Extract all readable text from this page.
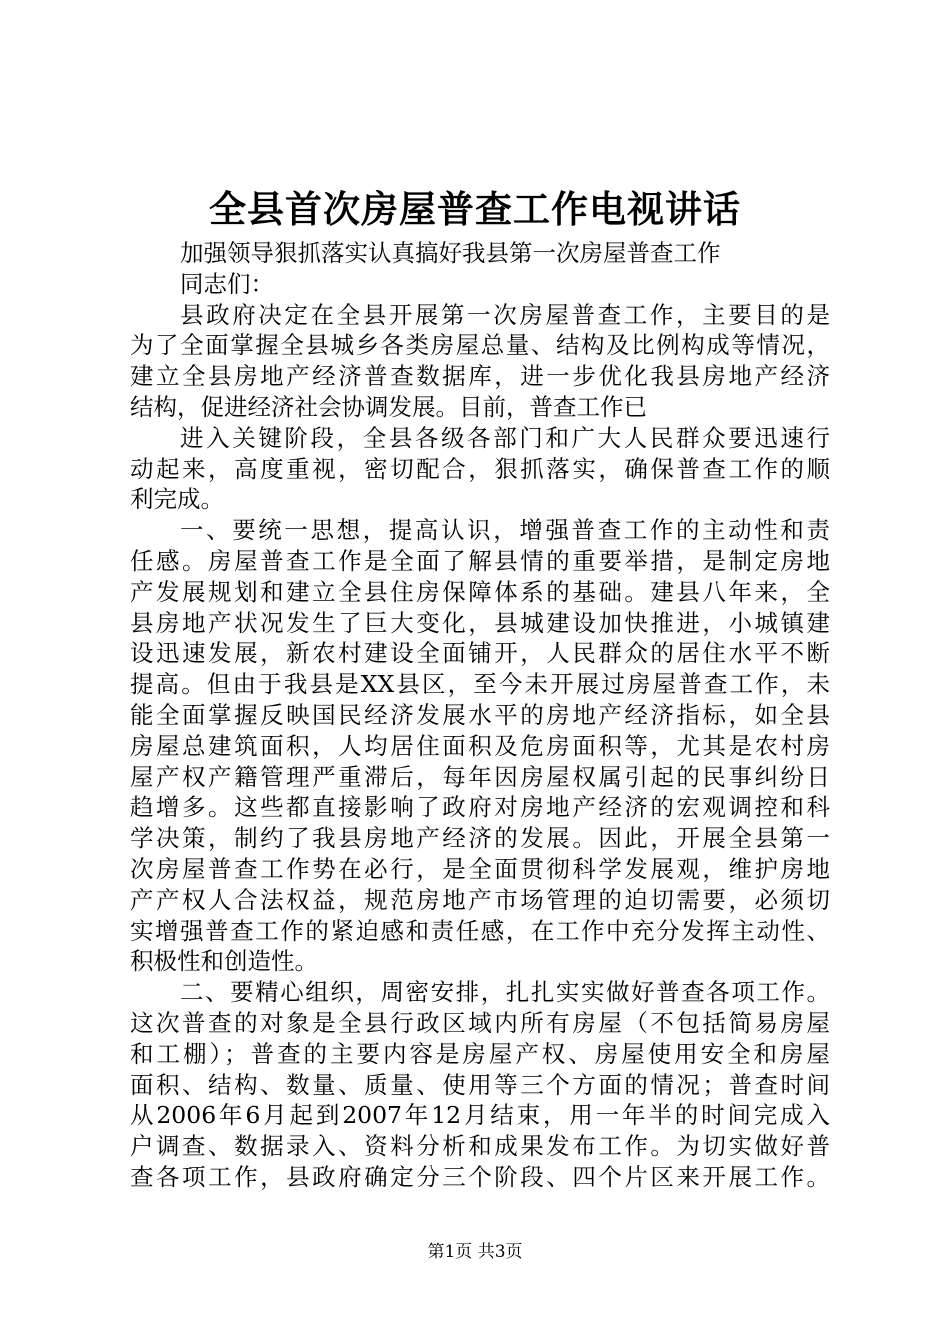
全县首次房屋普查工作电视讲话
加强领导狠抓落实认真搞好我县第一次房屋普查工作
同志们：
县政府决定在全县开展第一次房屋普查工作，主要目的是
为了全面掌握全县城乡各类房屋总量、结构及比例构成等情况，
建立全县房地产经济普查数据库，进一步优化我县房地产经济
结构，促进经济社会协调发展。目前，普查工作已
进入关键阶段，全县各级各部门和广大人民群众要迅速行
动起来，高度重视，密切配合，狠抓落实，确保普查工作的顺
利完成。
一、要统一思想，提高认识，增强普查工作的主动性和责
任感。房屋普查工作是全面了解县情的重要举措，是制定房地
产发展规划和建立全县住房保障体系的基础。建县八年来，全
县房地产状况发生了巨大变化，县城建设加快推进，小城镇建
设迅速发展，新农村建设全面铺开，人民群众的居住水平不断
提高。但由于我县是XX县区，至今未开展过房屋普查工作，未
能全面掌握反映国民经济发展水平的房地产经济指标，如全县
房屋总建筑面积，人均居住面积及危房面积等，尤其是农村房
屋产权产籍管理严重滞后，每年因房屋权属引起的民事纠纷日
趋增多。这些都直接影响了政府对房地产经济的宏观调控和科
学决策，制约了我县房地产经济的发展。因此，开展全县第一
次房屋普查工作势在必行，是全面贯彻科学发展观，维护房地
产产权人合法权益，规范房地产市场管理的迫切需要，必须切
实增强普查工作的紧迫感和责任感，在工作中充分发挥主动性、
积极性和创造性。
二、要精心组织，周密安排，扎扎实实做好普查各项工作。
这次普查的对象是全县行政区域内所有房屋（不包括简易房屋
和工棚）；普查的主要内容是房屋产权、房屋使用安全和房屋
面积、结构、数量、质量、使用等三个方面的情况；普查时间
从2006年6月起到2007年12月结束，用一年半的时间完成入
户调查、数据录入、资料分析和成果发布工作。为切实做好普
查各项工作，县政府确定分三个阶段、四个片区来开展工作。

第1页 共3页
